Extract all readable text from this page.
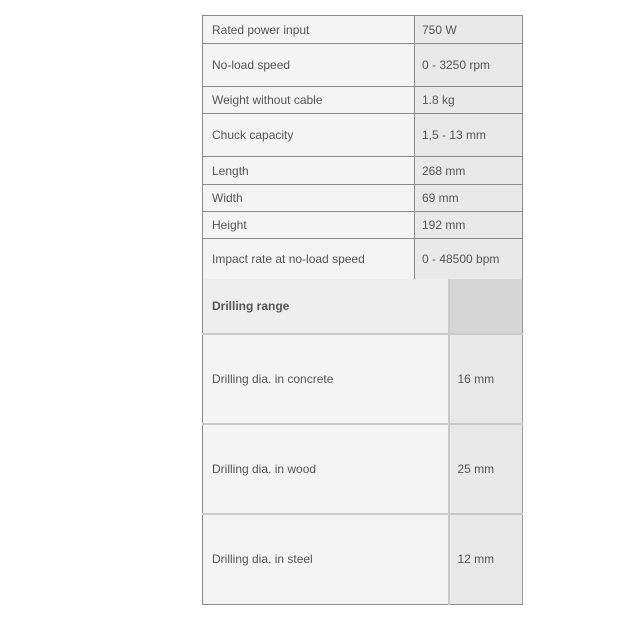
Rated power input	750 W
No-load speed	0 - 3250 rpm
Weight without cable	1.8 kg
Chuck capacity	1,5 - 13 mm
Length	268 mm
Width	69 mm
Height	192 mm
Impact rate at no-load speed	0 - 48500 bpm
Drilling range	
Drilling dia. in concrete	16 mm
Drilling dia. in wood	25 mm
Drilling dia. in steel	12 mm
